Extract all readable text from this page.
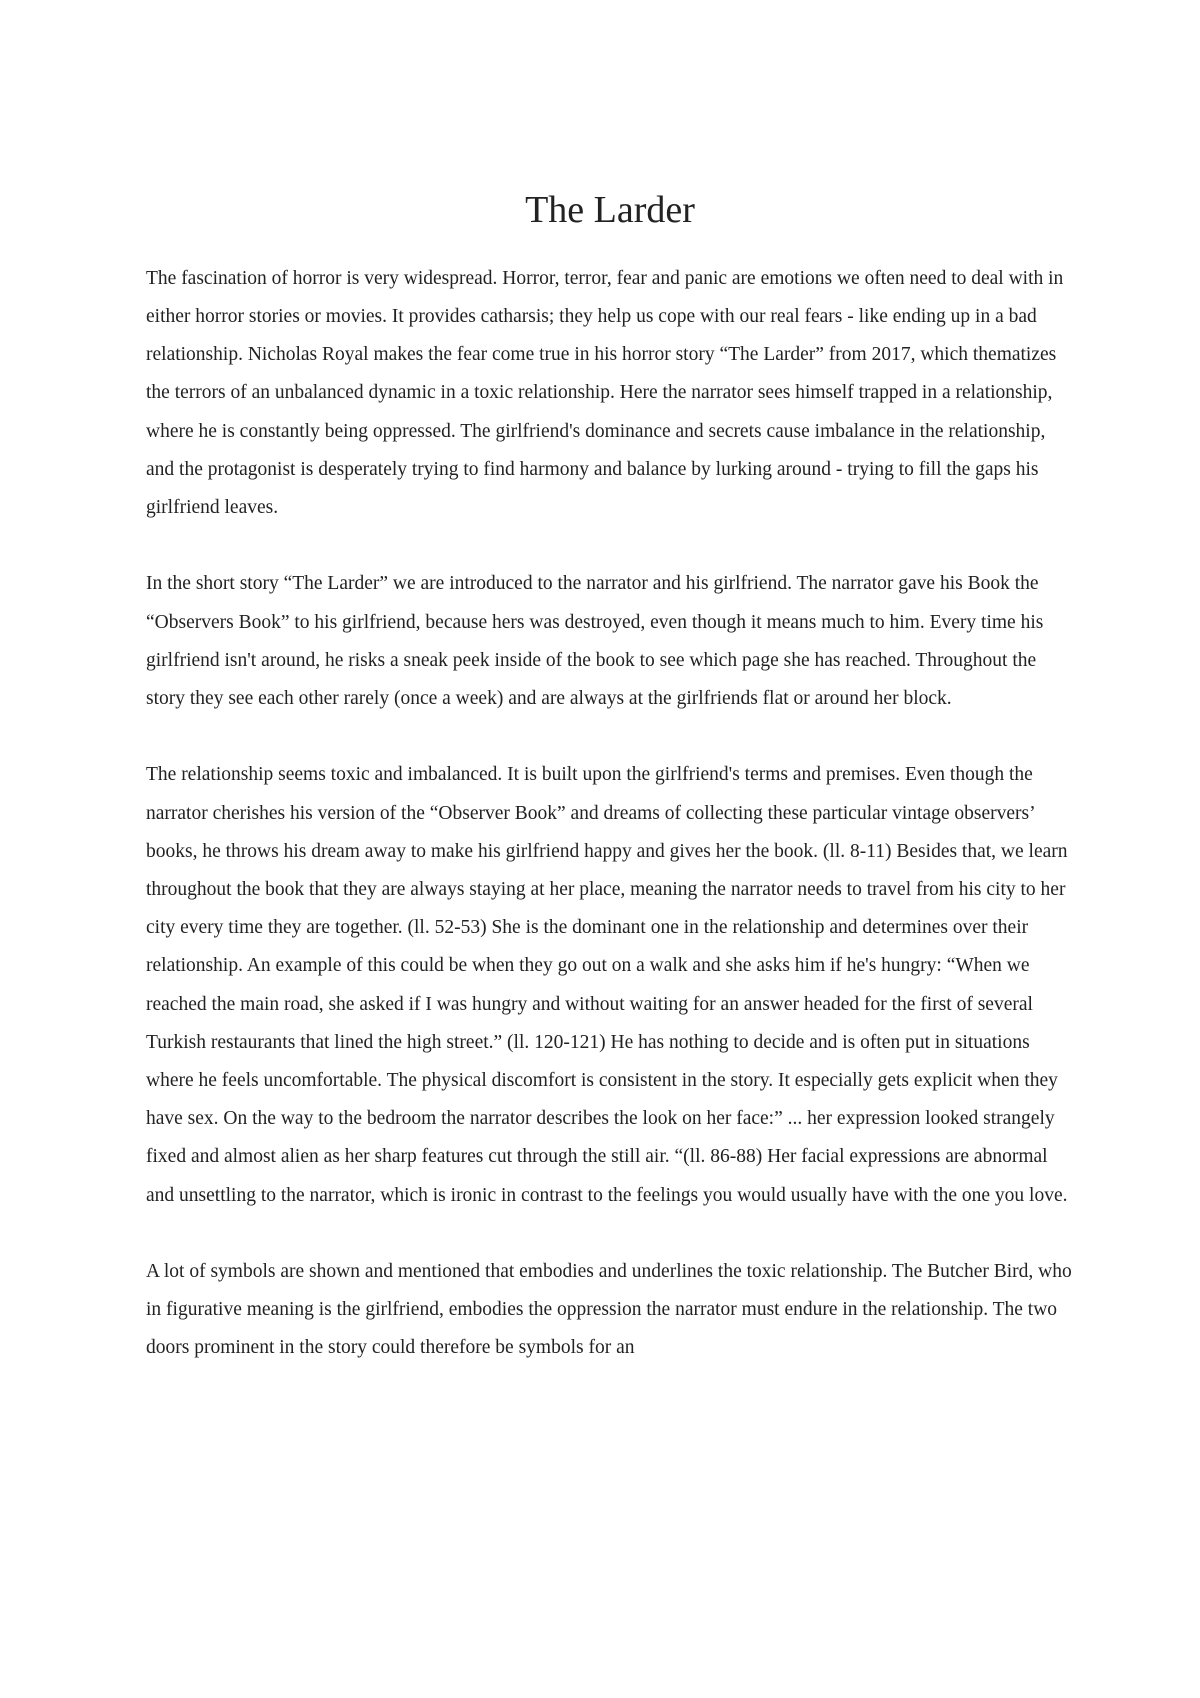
The Larder

The fascination of horror is very widespread. Horror, terror, fear and panic are emotions we often need to deal with in either horror stories or movies. It provides catharsis; they help us cope with our real fears - like ending up in a bad relationship. Nicholas Royal makes the fear come true in his horror story “The Larder” from 2017, which thematizes the terrors of an unbalanced dynamic in a toxic relationship. Here the narrator sees himself trapped in a relationship, where he is constantly being oppressed. The girlfriend's dominance and secrets cause imbalance in the relationship, and the protagonist is desperately trying to find harmony and balance by lurking around - trying to fill the gaps his girlfriend leaves.

In the short story “The Larder” we are introduced to the narrator and his girlfriend. The narrator gave his Book the “Observers Book” to his girlfriend, because hers was destroyed, even though it means much to him. Every time his girlfriend isn't around, he risks a sneak peek inside of the book to see which page she has reached. Throughout the story they see each other rarely (once a week) and are always at the girlfriends flat or around her block.

The relationship seems toxic and imbalanced. It is built upon the girlfriend's terms and premises. Even though the narrator cherishes his version of the “Observer Book” and dreams of collecting these particular vintage observers’ books, he throws his dream away to make his girlfriend happy and gives her the book. (ll. 8-11) Besides that, we learn throughout the book that they are always staying at her place, meaning the narrator needs to travel from his city to her city every time they are together. (ll. 52-53) She is the dominant one in the relationship and determines over their relationship. An example of this could be when they go out on a walk and she asks him if he's hungry: “When we reached the main road, she asked if I was hungry and without waiting for an answer headed for the first of several Turkish restaurants that lined the high street.” (ll. 120-121) He has nothing to decide and is often put in situations where he feels uncomfortable. The physical discomfort is consistent in the story. It especially gets explicit when they have sex. On the way to the bedroom the narrator describes the look on her face:” ... her expression looked strangely fixed and almost alien as her sharp features cut through the still air. “(ll. 86-88) Her facial expressions are abnormal and unsettling to the narrator, which is ironic in contrast to the feelings you would usually have with the one you love.

A lot of symbols are shown and mentioned that embodies and underlines the toxic relationship. The Butcher Bird, who in figurative meaning is the girlfriend, embodies the oppression the narrator must endure in the relationship. The two doors prominent in the story could therefore be symbols for an
